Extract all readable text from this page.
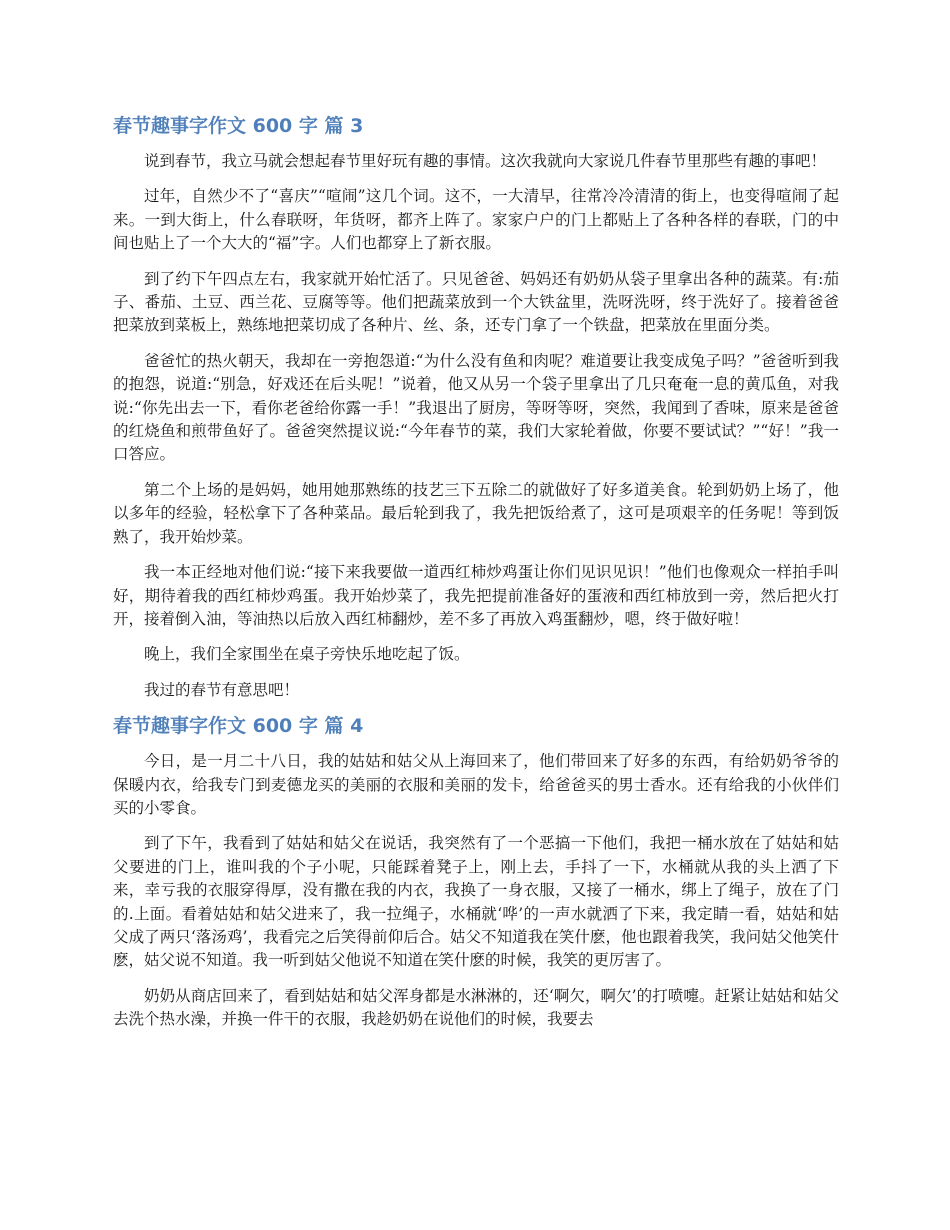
春节趣事字作文 600 字 篇 3

说到春节，我立马就会想起春节里好玩有趣的事情。这次我就向大家说几件春节里那些有趣的事吧！

过年，自然少不了“喜庆”“喧闹”这几个词。这不，一大清早，往常冷冷清清的街上，也变得喧闹了起来。一到大街上，什么春联呀，年货呀，都齐上阵了。家家户户的门上都贴上了各种各样的春联，门的中间也贴上了一个大大的“福”字。人们也都穿上了新衣服。

到了约下午四点左右，我家就开始忙活了。只见爸爸、妈妈还有奶奶从袋子里拿出各种的蔬菜。有:茄子、番茄、土豆、西兰花、豆腐等等。他们把蔬菜放到一个大铁盆里，洗呀洗呀，终于洗好了。接着爸爸把菜放到菜板上，熟练地把菜切成了各种片、丝、条，还专门拿了一个铁盘，把菜放在里面分类。

爸爸忙的热火朝天，我却在一旁抱怨道:“为什么没有鱼和肉呢？难道要让我变成兔子吗？”爸爸听到我的抱怨，说道:“别急，好戏还在后头呢！”说着，他又从另一个袋子里拿出了几只奄奄一息的黄瓜鱼，对我说:“你先出去一下，看你老爸给你露一手！”我退出了厨房，等呀等呀，突然，我闻到了香味，原来是爸爸的红烧鱼和煎带鱼好了。爸爸突然提议说:“今年春节的菜，我们大家轮着做，你要不要试试？”“好！”我一口答应。

第二个上场的是妈妈，她用她那熟练的技艺三下五除二的就做好了好多道美食。轮到奶奶上场了，他以多年的经验，轻松拿下了各种菜品。最后轮到我了，我先把饭给煮了，这可是项艰辛的任务呢！等到饭熟了，我开始炒菜。

我一本正经地对他们说:“接下来我要做一道西红柿炒鸡蛋让你们见识见识！”他们也像观众一样拍手叫好，期待着我的西红柿炒鸡蛋。我开始炒菜了，我先把提前准备好的蛋液和西红柿放到一旁，然后把火打开，接着倒入油，等油热以后放入西红柿翻炒，差不多了再放入鸡蛋翻炒，嗯，终于做好啦！

晚上，我们全家围坐在桌子旁快乐地吃起了饭。

我过的春节有意思吧！

春节趣事字作文 600 字 篇 4

今日，是一月二十八日，我的姑姑和姑父从上海回来了，他们带回来了好多的东西，有给奶奶爷爷的保暖内衣，给我专门到麦德龙买的美丽的衣服和美丽的发卡，给爸爸买的男士香水。还有给我的小伙伴们买的小零食。

到了下午，我看到了姑姑和姑父在说话，我突然有了一个恶搞一下他们，我把一桶水放在了姑姑和姑父要进的门上，谁叫我的个子小呢，只能踩着凳子上，刚上去，手抖了一下，水桶就从我的头上洒了下来，幸亏我的衣服穿得厚，没有撒在我的内衣，我换了一身衣服，又接了一桶水，绑上了绳子，放在了门的.上面。看着姑姑和姑父进来了，我一拉绳子，水桶就‘哗’的一声水就洒了下来，我定睛一看，姑姑和姑父成了两只‘落汤鸡’，我看完之后笑得前仰后合。姑父不知道我在笑什麽，他也跟着我笑，我问姑父他笑什麽，姑父说不知道。我一听到姑父他说不知道在笑什麽的时候，我笑的更厉害了。

奶奶从商店回来了，看到姑姑和姑父浑身都是水淋淋的，还‘啊欠，啊欠’的打喷嚏。赶紧让姑姑和姑父去洗个热水澡，并换一件干的衣服，我趁奶奶在说他们的时候，我要去
